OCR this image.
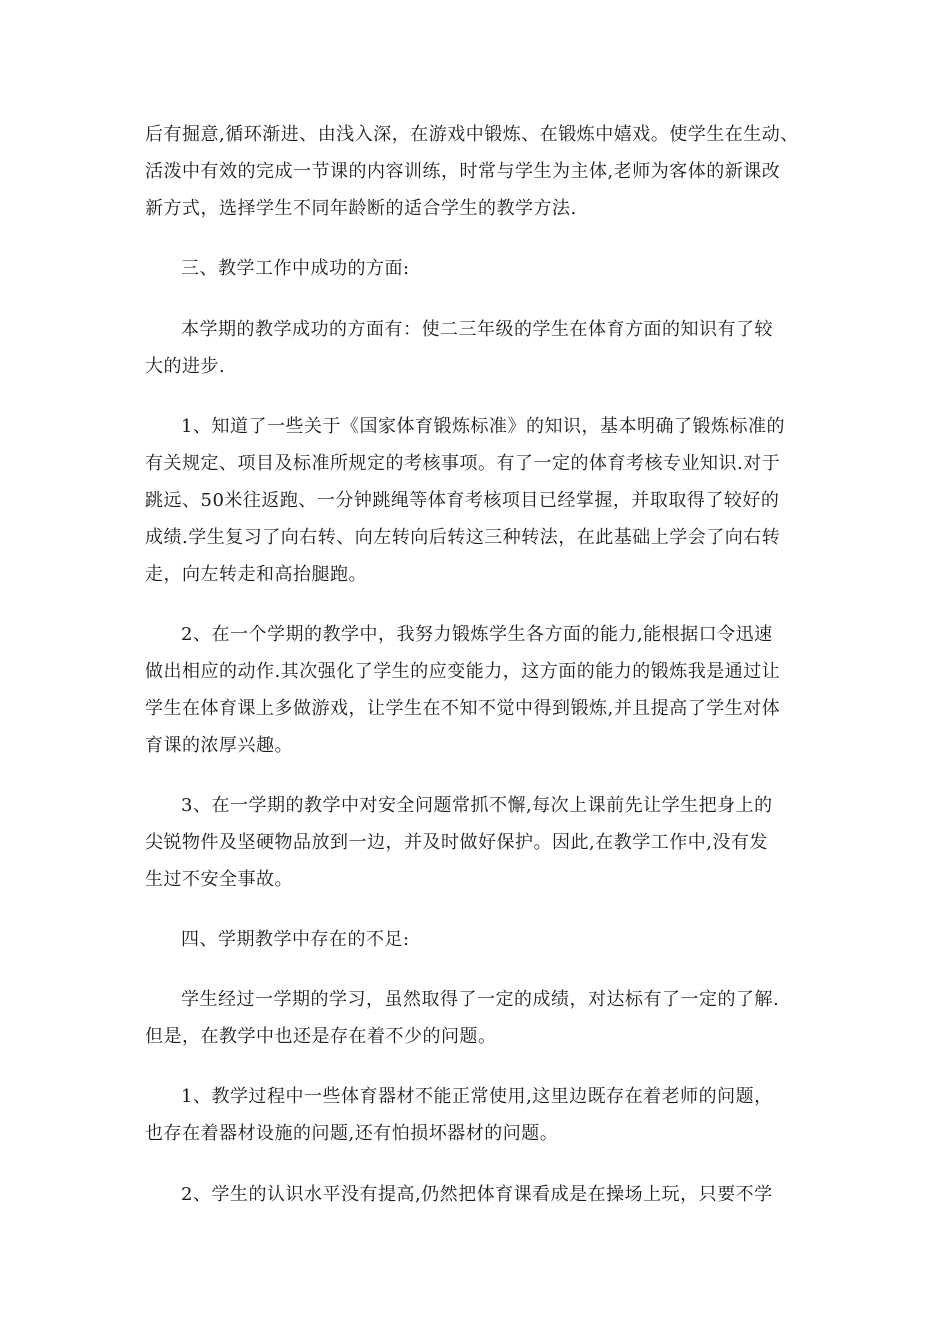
后有掘意,循环渐进、由浅入深，在游戏中锻炼、在锻炼中嬉戏。使学生在生动、
活泼中有效的完成一节课的内容训练，时常与学生为主体,老师为客体的新课改
新方式，选择学生不同年龄断的适合学生的教学方法.
三、教学工作中成功的方面:
本学期的教学成功的方面有：使二三年级的学生在体育方面的知识有了较
大的进步.
1、知道了一些关于《国家体育锻炼标准》的知识，基本明确了锻炼标准的
有关规定、项目及标准所规定的考核事项。有了一定的体育考核专业知识.对于
跳远、50米往返跑、一分钟跳绳等体育考核项目已经掌握，并取取得了较好的
成绩.学生复习了向右转、向左转向后转这三种转法，在此基础上学会了向右转
走，向左转走和高抬腿跑。
2、在一个学期的教学中，我努力锻炼学生各方面的能力,能根据口令迅速
做出相应的动作.其次强化了学生的应变能力，这方面的能力的锻炼我是通过让
学生在体育课上多做游戏，让学生在不知不觉中得到锻炼,并且提高了学生对体
育课的浓厚兴趣。
3、在一学期的教学中对安全问题常抓不懈,每次上课前先让学生把身上的
尖锐物件及坚硬物品放到一边，并及时做好保护。因此,在教学工作中,没有发
生过不安全事故。
四、学期教学中存在的不足:
学生经过一学期的学习，虽然取得了一定的成绩，对达标有了一定的了解.
但是，在教学中也还是存在着不少的问题。
1、教学过程中一些体育器材不能正常使用,这里边既存在着老师的问题，
也存在着器材设施的问题,还有怕损坏器材的问题。
2、学生的认识水平没有提高,仍然把体育课看成是在操场上玩，只要不学
